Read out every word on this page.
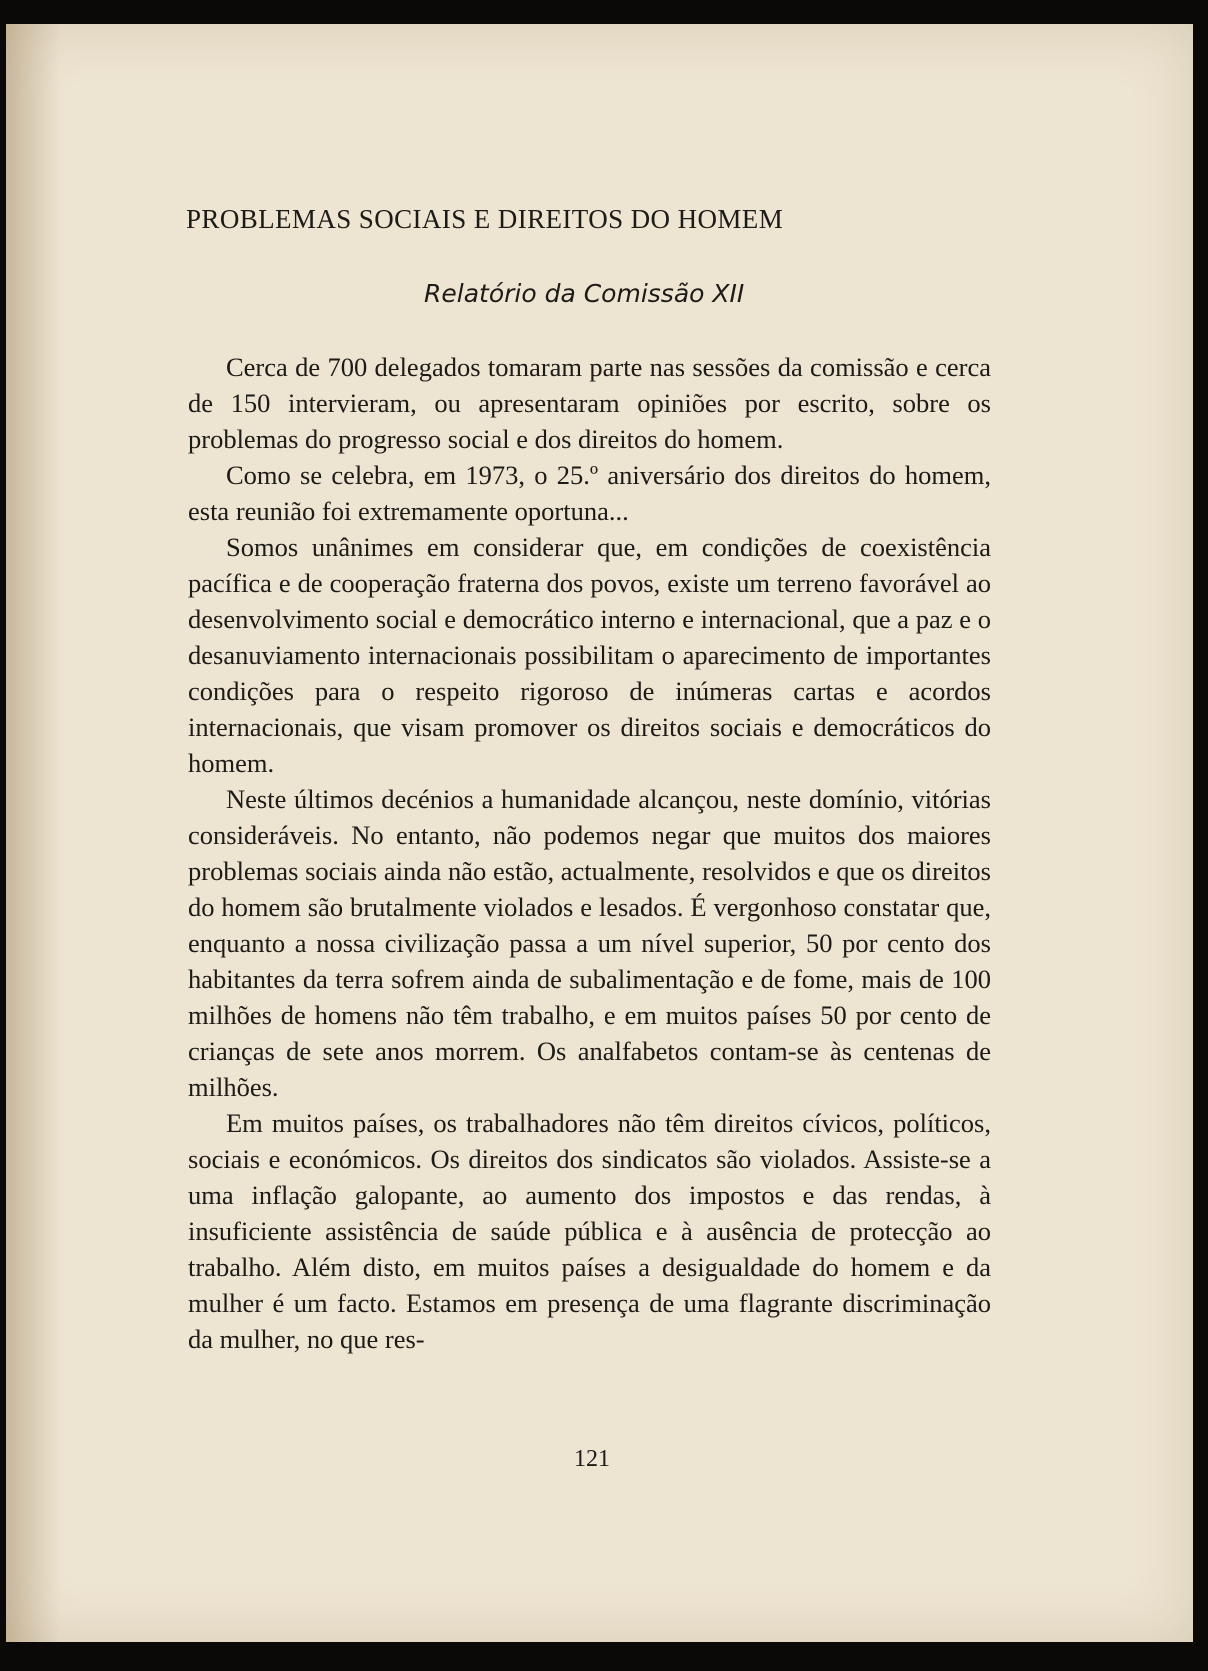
PROBLEMAS SOCIAIS E DIREITOS DO HOMEM
Relatório da Comissão XII

Cerca de 700 delegados tomaram parte nas sessões da comissão e cerca de 150 intervieram, ou apresentaram opiniões por escrito, sobre os problemas do progresso social e dos direitos do homem.

Como se celebra, em 1973, o 25.º aniversário dos direitos do homem, esta reunião foi extremamente oportuna...

Somos unânimes em considerar que, em condições de coexistência pacífica e de cooperação fraterna dos povos, existe um terreno favorável ao desenvolvimento social e democrático interno e internacional, que a paz e o desanuviamento internacionais possibilitam o aparecimento de importantes condições para o respeito rigoroso de inúmeras cartas e acordos internacionais, que visam promover os direitos sociais e democráticos do homem.

Neste últimos decénios a humanidade alcançou, neste domínio, vitórias consideráveis. No entanto, não podemos negar que muitos dos maiores problemas sociais ainda não estão, actualmente, resolvidos e que os direitos do homem são brutalmente violados e lesados. É vergonhoso constatar que, enquanto a nossa civilização passa a um nível superior, 50 por cento dos habitantes da terra sofrem ainda de subalimentação e de fome, mais de 100 milhões de homens não têm trabalho, e em muitos países 50 por cento de crianças de sete anos morrem. Os analfabetos contam-se às centenas de milhões.

Em muitos países, os trabalhadores não têm direitos cívicos, políticos, sociais e económicos. Os direitos dos sindicatos são violados. Assiste-se a uma inflação galopante, ao aumento dos impostos e das rendas, à insuficiente assistência de saúde pública e à ausência de protecção ao trabalho. Além disto, em muitos países a desigualdade do homem e da mulher é um facto. Estamos em presença de uma flagrante discriminação da mulher, no que res-

121
